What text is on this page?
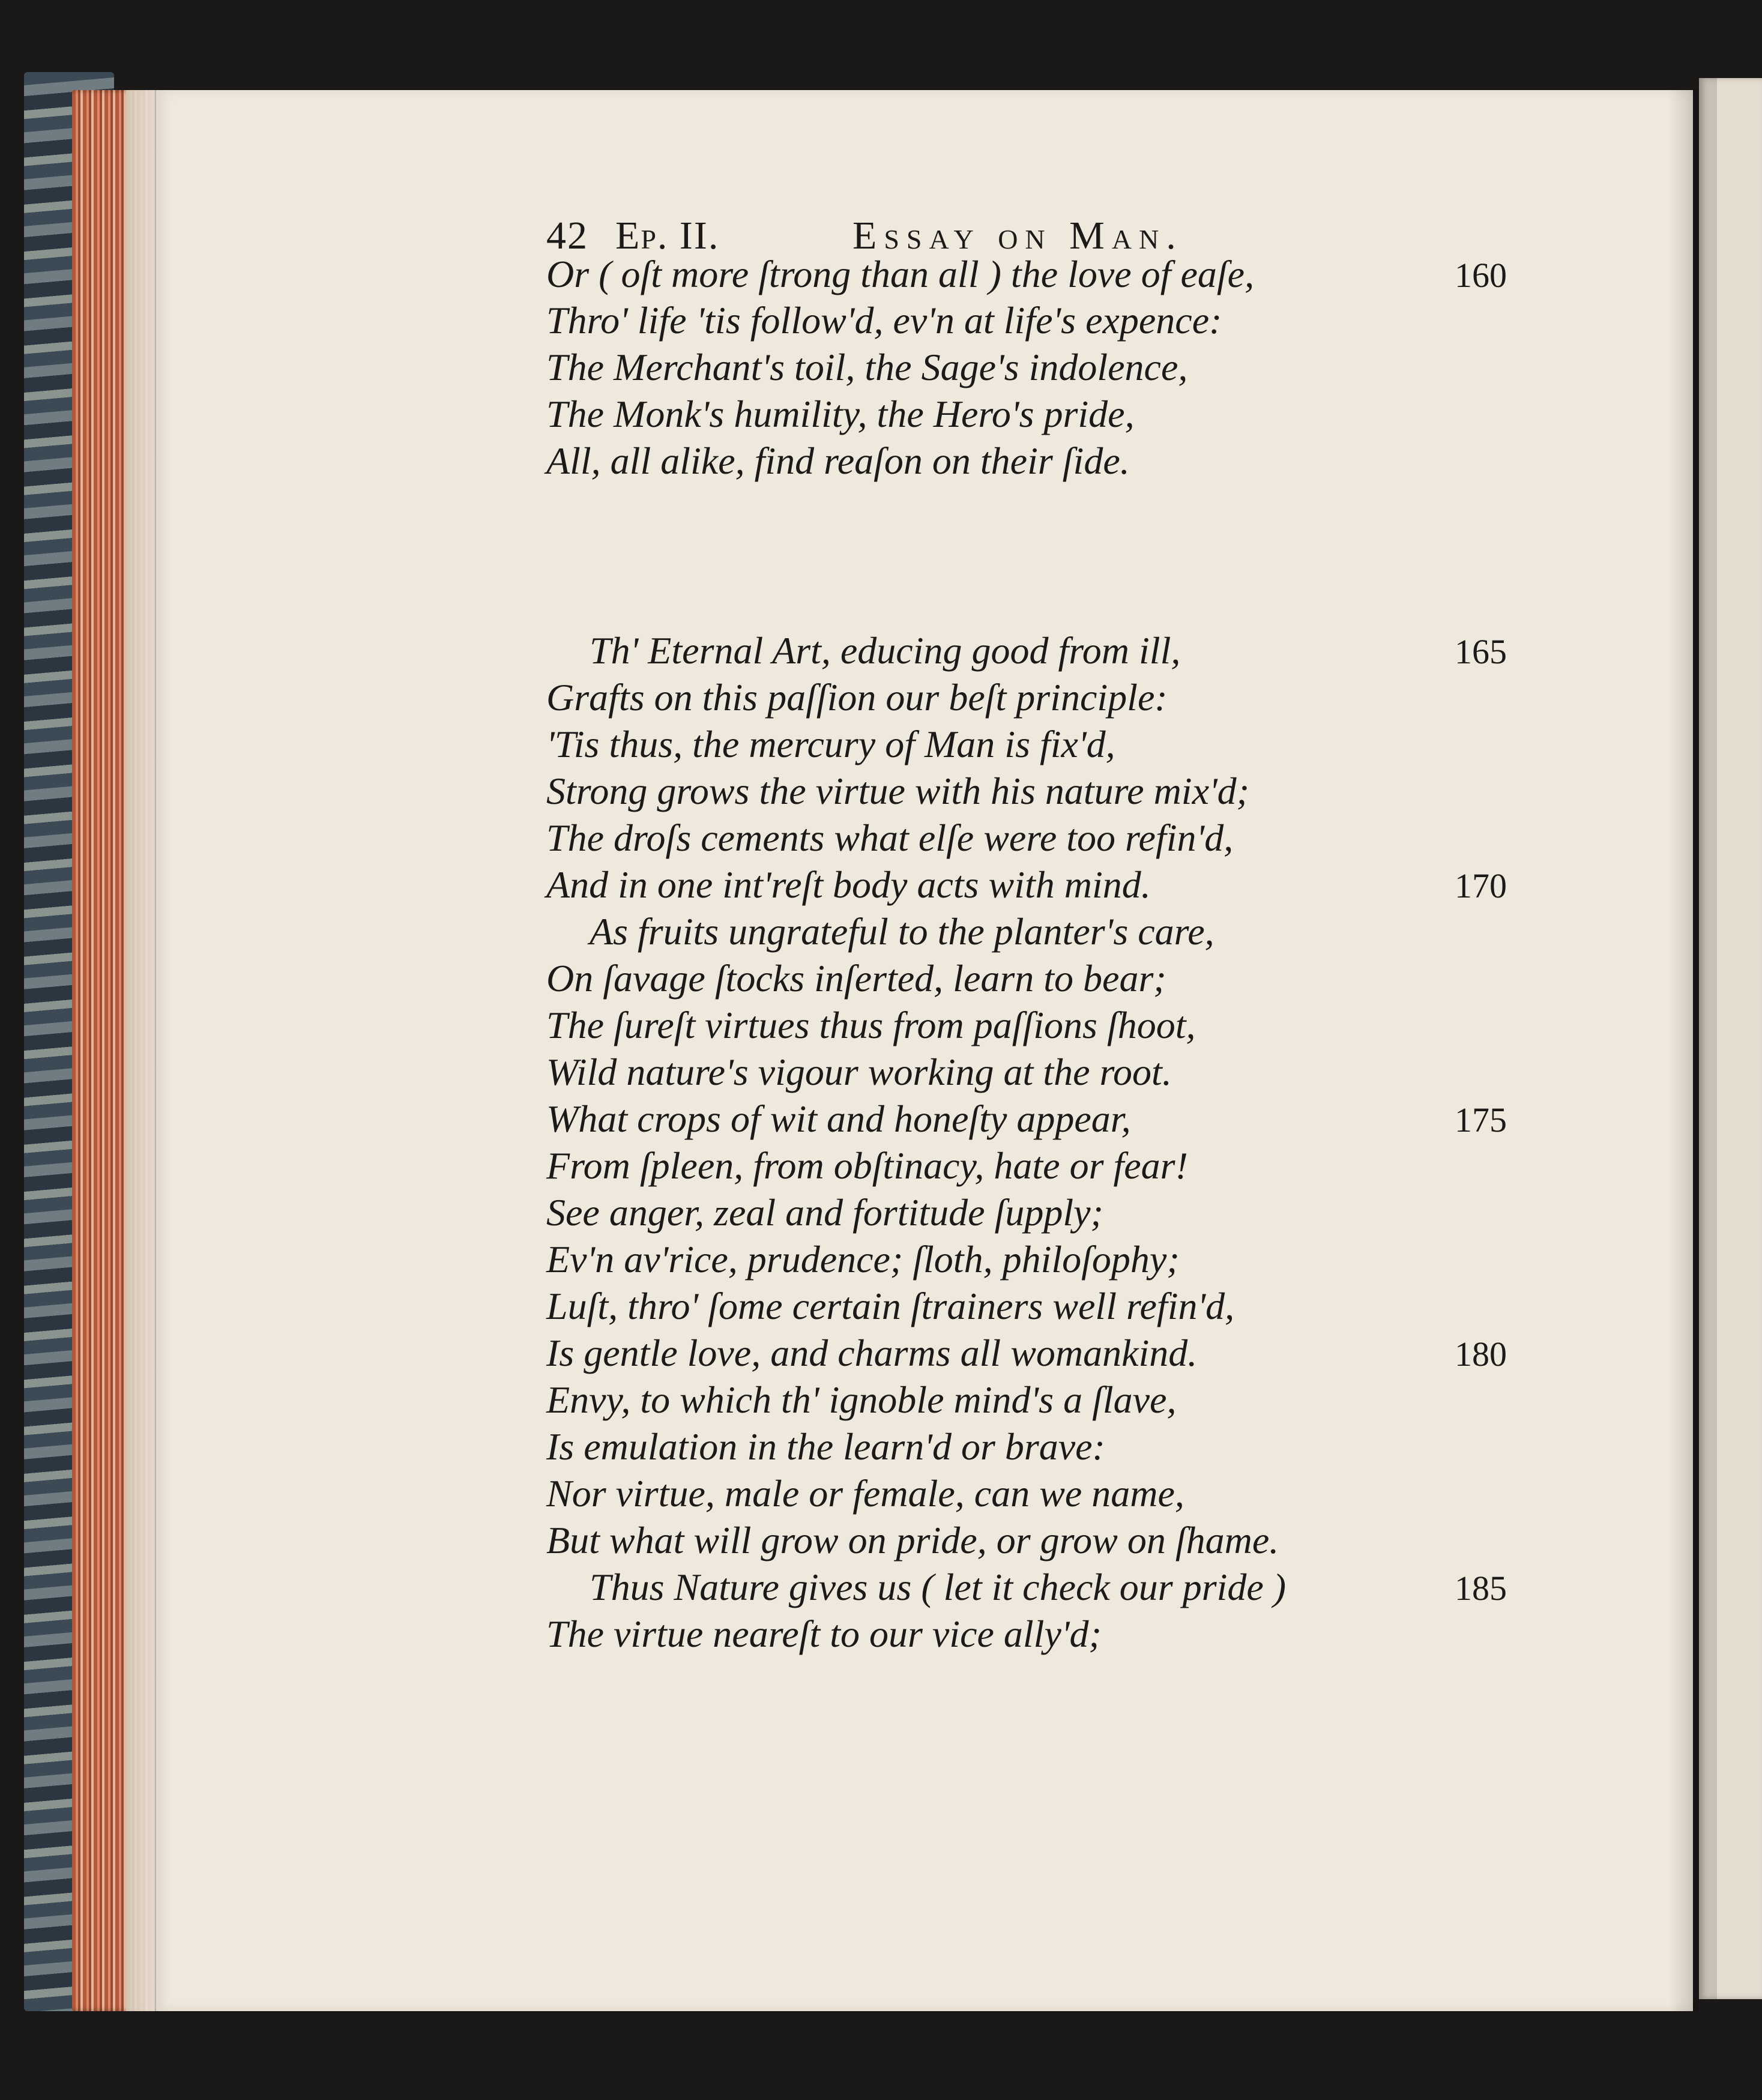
42 Ep. II.	Essay on Man.
Or ( oſt more ſtrong than all ) the love of eaſe,	160
Thro' life 'tis follow'd, ev'n at life's expence:
The Merchant's toil, the Sage's indolence,
The Monk's humility, the Hero's pride,
All, all alike, find reaſon on their ſide.
Th' Eternal Art, educing good from ill,	165
Grafts on this paſſion our beſt principle:
'Tis thus, the mercury of Man is fix'd,
Strong grows the virtue with his nature mix'd;
The droſs cements what elſe were too refin'd,
And in one int'reſt body acts with mind.	170
As fruits ungrateful to the planter's care,
On ſavage ſtocks inſerted, learn to bear;
The ſureſt virtues thus from paſſions ſhoot,
Wild nature's vigour working at the root.
What crops of wit and honeſty appear,	175
From ſpleen, from obſtinacy, hate or fear!
See anger, zeal and fortitude ſupply;
Ev'n av'rice, prudence; ſloth, philoſophy;
Luſt, thro' ſome certain ſtrainers well refin'd,
Is gentle love, and charms all womankind.	180
Envy, to which th' ignoble mind's a ſlave,
Is emulation in the learn'd or brave:
Nor virtue, male or female, can we name,
But what will grow on pride, or grow on ſhame.
Thus Nature gives us ( let it check our pride )	185
The virtue neareſt to our vice ally'd;
